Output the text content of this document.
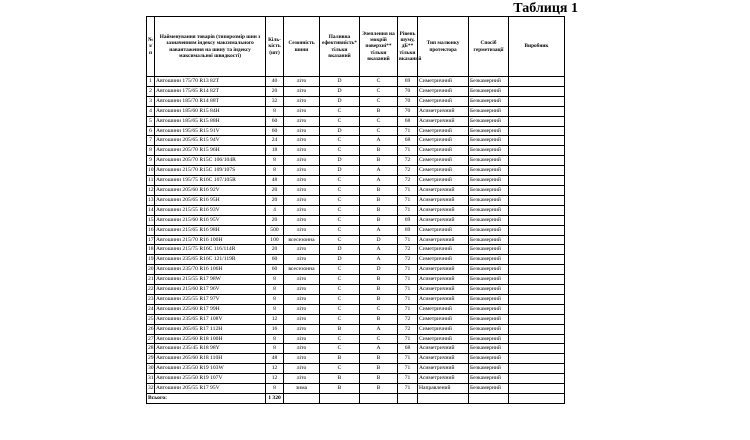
Таблиця 1
№ з/п	Найменування товарів (типорозмір шин з зазначенням індексу максимального навантаження на шину та індексу максимальної швидкості)	Кіль-кість (шт)	Сезонність шини	Паливна ефективність* тільки вказаний	Зчеплення на мокрій поверхні** тільки вказаний	Рівень шуму, дБ** тільки вказаний	Тип малюнку протектора	Спосіб герметизації	Виробник
1	Автошини 175/70 R13 82T	40	літо	D	C	69	Симетричний	Безкамерний	
2	Автошини 175/65 R14 82T	20	літо	D	C	70	Симетричний	Безкамерний	
3	Автошини 185/70 R14 88T	32	літо	D	C	70	Симетричний	Безкамерний	
4	Автошини 185/60 R15 84H	8	літо	C	B	70	Асиметричний	Безкамерний	
5	Автошини 185/65 R15 88H	60	літо	C	C	68	Асиметричний	Безкамерний	
6	Автошини 195/65 R15 91V	60	літо	D	C	71	Симетричний	Безкамерний	
7	Автошини 205/65 R15 94V	24	літо	C	A	68	Симетричний	Безкамерний	
8	Автошини 205/70 R15 96H	18	літо	C	B	71	Симетричний	Безкамерний	
9	Автошини 205/70 R15C 106/104R	8	літо	D	B	72	Симетричний	Безкамерний	
10	Автошини 215/70 R15C 109/107S	8	літо	D	A	72	Симетричний	Безкамерний	
11	Автошини 195/75 R16C 107/105R	48	літо	C	A	72	Симетричний	Безкамерний	
12	Автошини 205/60 R16 92V	20	літо	C	B	71	Асиметричний	Безкамерний	
13	Автошини 205/65 R16 95H	20	літо	C	B	71	Асиметричний	Безкамерний	
14	Автошини 215/55 R16 93V	4	літо	C	B	71	Асиметричний	Безкамерний	
15	Автошини 215/60 R16 95V	20	літо	C	B	69	Асиметричний	Безкамерний	
16	Автошини 215/65 R16 98H	500	літо	C	A	69	Симетричний	Безкамерний	
17	Автошини 215/70 R16 100H	100	всесезонна	C	D	71	Асиметричний	Безкамерний	
18	Автошини 215/75 R16C 116/114R	20	літо	D	A	72	Симетричний	Безкамерний	
19	Автошини 235/65 R16C 121/119R	60	літо	D	A	72	Симетричний	Безкамерний	
20	Автошини 235/70 R16 106H	60	всесезонна	C	D	71	Асиметричний	Безкамерний	
21	Автошини 215/55 R17 98W	8	літо	C	B	71	Асиметричний	Безкамерний	
22	Автошини 215/60 R17 96V	8	літо	C	B	71	Асиметричний	Безкамерний	
23	Автошини 225/55 R17 97V	8	літо	C	B	71	Асиметричний	Безкамерний	
24	Автошини 225/60 R17 99H	8	літо	C	C	71	Симетричний	Безкамерний	
25	Автошини 235/65 R17 108V	12	літо	C	B	72	Симетричний	Безкамерний	
26	Автошини 265/65 R17 112H	16	літо	B	A	72	Симетричний	Безкамерний	
27	Автошини 225/60 R18 100H	8	літо	C	C	71	Симетричний	Безкамерний	
28	Автошини 235/45 R18 98Y	8	літо	C	A	68	Асиметричний	Безкамерний	
29	Автошини 265/60 R18 110H	48	літо	B	B	71	Асиметричний	Безкамерний	
30	Автошини 235/50 R19 103W	12	літо	C	B	71	Асиметричний	Безкамерний	
31	Автошини 255/50 R19 107V	12	літо	B	B	71	Асиметричний	Безкамерний	
32	Автошини 205/55 R17 95V	8	зима	B	B	71	Направлений	Безкамерний	
Всього:		1 320							
